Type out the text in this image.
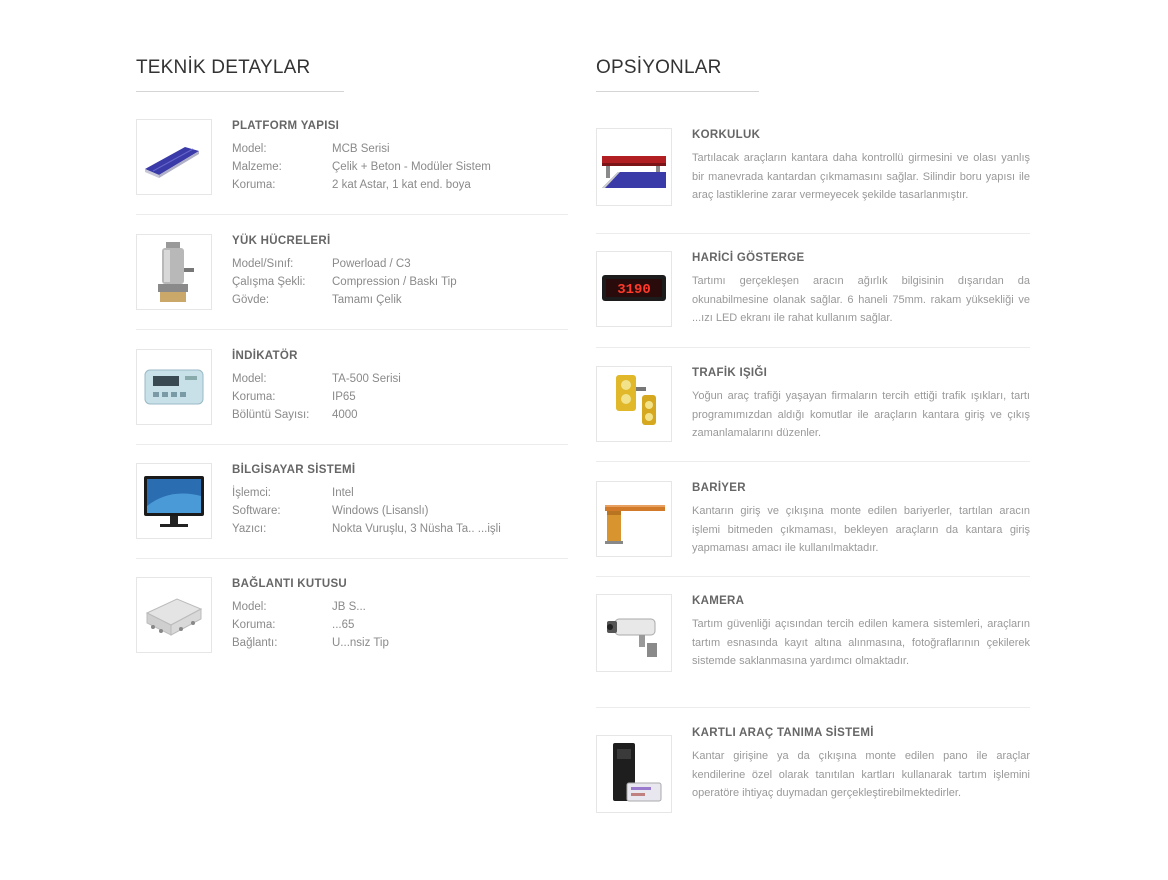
TEKNİK DETAYLAR
PLATFORM YAPISI
Model:	MCB Serisi
Malzeme:	Çelik + Beton - Modüler Sistem
Koruma:	2 kat Astar, 1 kat end. boya
YÜK HÜCRELERİ
Model/Sınıf:	Powerload / C3
Çalışma Şekli:	Compression / Baskı Tip
Gövde:	Tamamı Çelik
İNDİKATÖR
Model:	TA-500 Serisi
Koruma:	IP65
Bölüntü Sayısı:	4000
BİLGİSAYAR SİSTEMİ
İşlemci:	Intel
Software:	Windows (Lisanslı)
Yazıcı:	Nokta Vuruşlu, 3 Nüsha Ta.. ...işli
BAĞLANTI KUTUSU
Model:	JB S...
Koruma:	...65
Bağlantı:	U...nsiz Tip
OPSİYONLAR
KORKULUK

Tartılacak araçların kantara daha kontrollü girmesini ve olası yanlış bir manevrada kantardan çıkmamasını sağlar. Silindir boru yapısı ile araç lastiklerine zarar vermeyecek şekilde tasarlanmıştır.

3190
HARİCİ GÖSTERGE

Tartımı gerçekleşen aracın ağırlık bilgisinin dışarıdan da okunabilmesine olanak sağlar. 6 haneli 75mm. rakam yüksekliği ve ...ızı LED ekranı ile rahat kullanım sağlar.

TRAFİK IŞIĞI

Yoğun araç trafiği yaşayan firmaların tercih ettiği trafik ışıkları, tartı programımızdan aldığı komutlar ile araçların kantara giriş ve çıkış zamanlamalarını düzenler.

BARİYER

Kantarın giriş ve çıkışına monte edilen bariyerler, tartılan aracın işlemi bitmeden çıkmaması, bekleyen araçların da kantara giriş yapmaması amacı ile kullanılmaktadır.

KAMERA

Tartım güvenliği açısından tercih edilen kamera sistemleri, araçların tartım esnasında kayıt altına alınmasına, fotoğraflarının çekilerek sistemde saklanmasına yardımcı olmaktadır.

KARTLI ARAÇ TANIMA SİSTEMİ

Kantar girişine ya da çıkışına monte edilen pano ile araçlar kendilerine özel olarak tanıtılan kartları kullanarak tartım işlemini operatöre ihtiyaç duymadan gerçekleştirebilmektedirler.
